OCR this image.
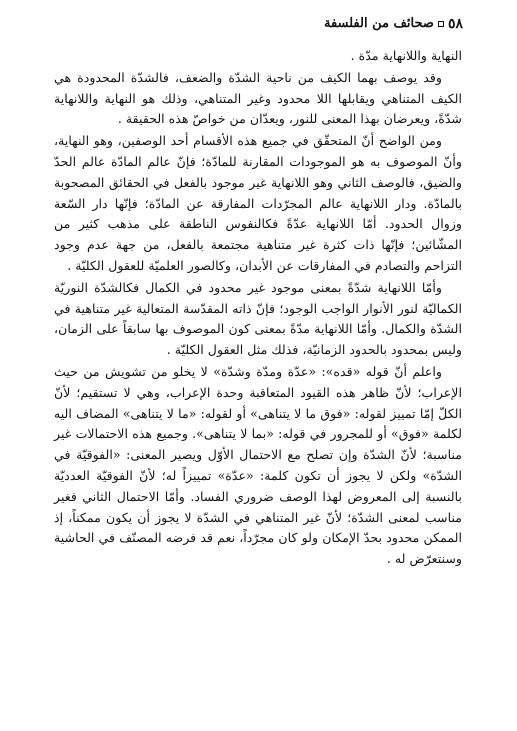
٥٨
صحائف من الفلسفة

النهاية واللانهاية مدّة .

وقد يوصف بهما الكيف من ناحية الشدّة والضعف، فالشدّة المحدودة هي الكيف المتناهي ويقابلها اللا محدود وغير المتناهي، وذلك هو النهاية واللانهاية شدّةً، ويعرضان بهذا المعنى للنور، ويعدّان من خواصّ هذه الحقيقة .

ومن الواضح أنّ المتحقّق في جميع هذه الأقسام أحد الوصفين، وهو النهاية، وأنّ الموصوف به هو الموجودات المقارنة للمادّة؛ فإنّ عالم المادّة عالم الحدّ والضيق، فالوصف الثاني وهو اللانهاية غير موجود بالفعل في الحقائق المصحوبة بالمادّة. ودار اللانهاية عالم المجرّدات المفارقة عن المادّة؛ فإنّها دار السّعة وزوال الحدود. أمّا اللانهاية عدّةً فكالنفوس الناطقة على مذهب كثير من المشّائين؛ فإنّها ذات كثرة غير متناهية مجتمعة بالفعل، من جهة عدم وجود التزاحم والتصادم في المفارقات عن الأبدان، وكالصور العلميّة للعقول الكليّة .

وأمّا اللانهاية شدّةً بمعنى موجود غير محدود في الكمال فكالشدّة النوريّة الكماليّة لنور الأنوار الواجب الوجود؛ فإنّ ذاته المقدّسة المتعالية غير متناهية في الشدّة والكمال. وأمّا اللانهاية مدّةً بمعنى كون الموصوف بها سابقاً على الزمان، وليس بمحدود بالحدود الزمانيّة، فذلك مثل العقول الكليّة .

واعلم أنّ قوله «قده»: «عدّة ومدّة وشدّة» لا يخلو من تشويش من حيث الإعراب؛ لأنّ ظاهر هذه القيود المتعاقبة وحدة الإعراب، وهي لا تستقيم؛ لأنّ الكلّ إمّا تمييز لقوله: «فوق ما لا يتناهى» أو لقوله: «ما لا يتناهى» المضاف اليه لكلمة «فوق» أو للمجرور في قوله: «بما لا يتناهى». وجميع هذه الاحتمالات غير مناسبة؛ لأنّ الشدّة وإن تصلح مع الاحتمال الأوّل ويصير المعنى: «الفوقيّة في الشدّة» ولكن لا يجوز أن تكون كلمة: «عدّة» تمييزاً له؛ لأنّ الفوقيّة العدديّة بالنسبة إلى المعروض لهذا الوصف ضروري الفساد. وأمّا الاحتمال الثاني فغير مناسب لمعنى الشدّة؛ لأنّ غير المتناهي في الشدّة لا يجوز أن يكون ممكناً، إذ الممكن محدود بحدّ الإمكان ولو كان مجرّداً، نعم قد فرضه المصنّف في الحاشية وسنتعرّض له .
